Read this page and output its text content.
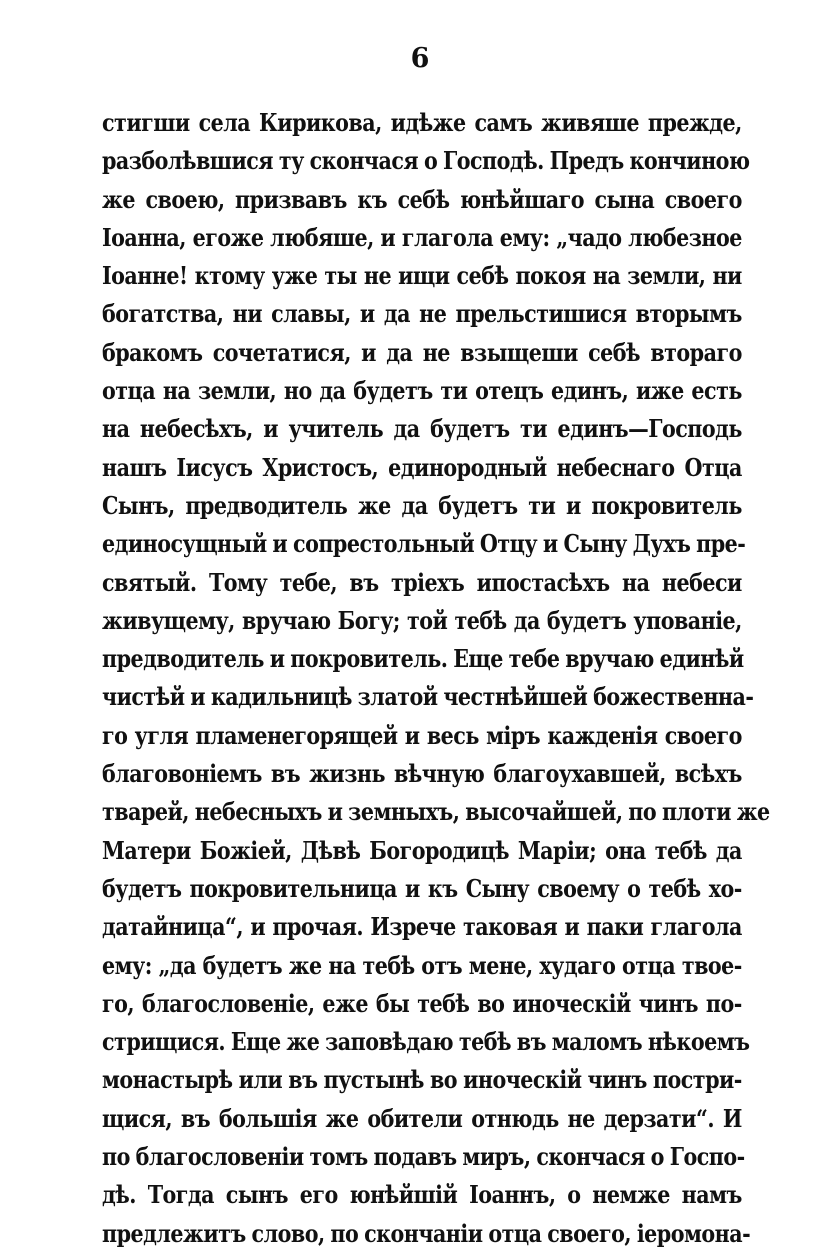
6
стигши села Кирикова, идѣже самъ живяше прежде,
разболѣвшися ту скончася о Господѣ. Предъ кончиною
же своею, призвавъ къ себѣ юнѣйшаго сына своего
Іоанна, егоже любяше, и глагола ему: „чадо любезное
Іоанне! ктому уже ты не ищи себѣ покоя на земли, ни
богатства, ни славы, и да не прельстишися вторымъ
бракомъ сочетатися, и да не взыщеши себѣ втораго
отца на земли, но да будетъ ти отецъ единъ, иже есть
на небесѣхъ, и учитель да будетъ ти единъ—Господь
нашъ Іисусъ Христосъ, единородный небеснаго Отца
Сынъ, предводитель же да будетъ ти и покровитель
единосущный и сопрестольный Отцу и Сыну Духъ пре-
святый. Тому тебе, въ тріехъ ипостасѣхъ на небеси
живущему, вручаю Богу; той тебѣ да будетъ упованіе,
предводитель и покровитель. Еще тебе вручаю единѣй
чистѣй и кадильницѣ златой честнѣйшей божественна-
го угля пламенегорящей и весь міръ кажденія своего
благовоніемъ въ жизнь вѣчную благоухавшей, всѣхъ
тварей, небесныхъ и земныхъ, высочайшей, по плоти же
Матери Божіей, Дѣвѣ Богородицѣ Маріи; она тебѣ да
будетъ покровительница и къ Сыну своему о тебѣ хо-
датайница“, и прочая. Изрече таковая и паки глагола
ему: „да будетъ же на тебѣ отъ мене, худаго отца твое-
го, благословеніе, еже бы тебѣ во иноческій чинъ по-
стрищися. Еще же заповѣдаю тебѣ въ маломъ нѣкоемъ
монастырѣ или въ пустынѣ во иноческій чинъ постри-
щися, въ большія же обители отнюдь не дерзати“. И
по благословеніи томъ подавъ миръ, скончася о Госпо-
дѣ. Тогда сынъ его юнѣйшій Іоаннъ, о немже намъ
предлежитъ слово, по скончаніи отца своего, іеромона-
